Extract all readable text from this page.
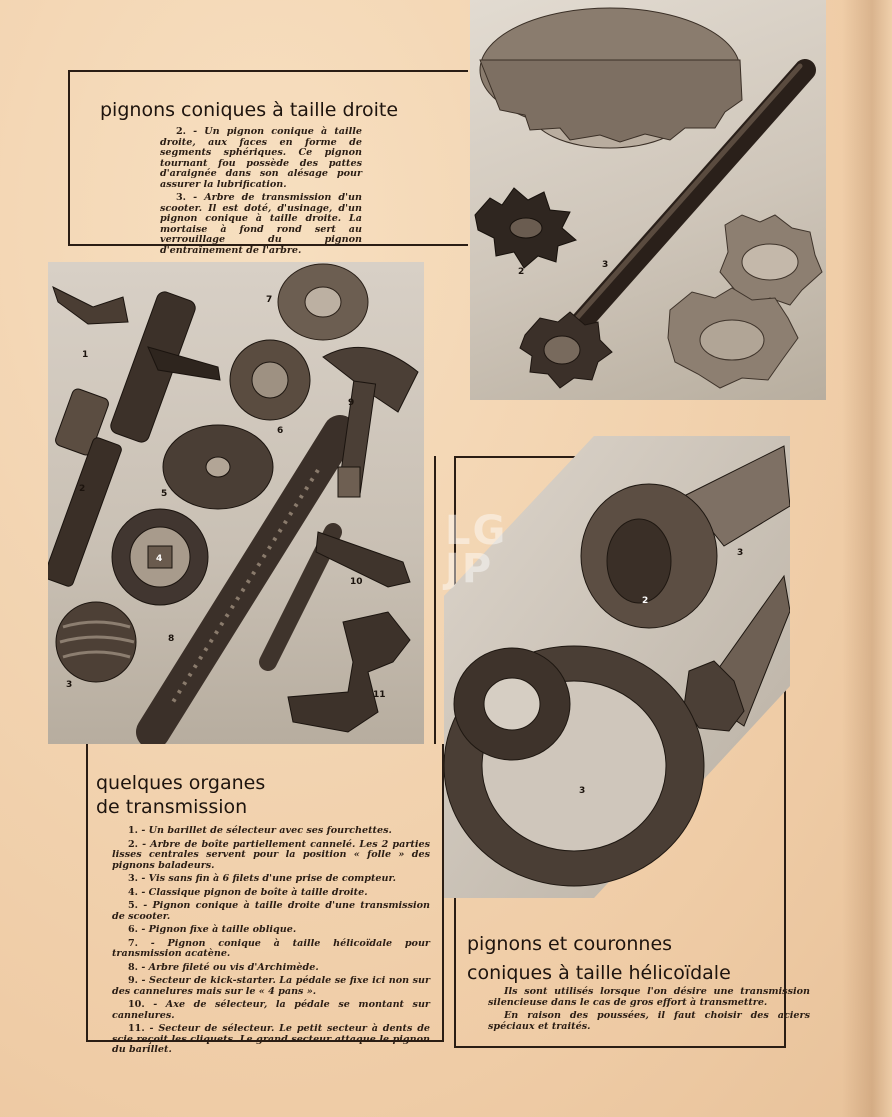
pignons coniques à taille droite

2. - Un pignon conique à taille droite, aux faces en forme de segments sphériques. Ce pignon tournant fou possède des pattes d'araignée dans son alésage pour assurer la lubrification.

3. - Arbre de transmission d'un scooter. Il est doté, d'usinage, d'un pignon conique à taille droite. La mortaise à fond rond sert au verrouillage du pignon d'entraînement de l'arbre.

2
3
1
2
3
4
5
6
7
8
9
10
11
quelques organes
de transmission

1. - Un barillet de sélecteur avec ses fourchettes.

2. - Arbre de boîte partiellement cannelé. Les 2 parties lisses centrales servent pour la position « folle » des pignons baladeurs.

3. - Vis sans fin à 6 filets d'une prise de compteur.

4. - Classique pignon de boîte à taille droite.

5. - Pignon conique à taille droite d'une transmission de scooter.

6. - Pignon fixe à taille oblique.

7. - Pignon conique à taille hélicoïdale pour transmission acatène.

8. - Arbre fileté ou vis d'Archimède.

9. - Secteur de kick-starter. La pédale se fixe ici non sur des cannelures mais sur le « 4 pans ».

10. - Axe de sélecteur, la pédale se montant sur cannelures.

11. - Secteur de sélecteur. Le petit secteur à dents de scie reçoit les cliquets. Le grand secteur attaque le pignon du barillet.

2
3
3
pignons et couronnes
coniques à taille hélicoïdale

Ils sont utilisés lorsque l'on désire une transmission silencieuse dans le cas de gros effort à transmettre.

En raison des poussées, il faut choisir des aciers spéciaux et traités.

LG
JP
